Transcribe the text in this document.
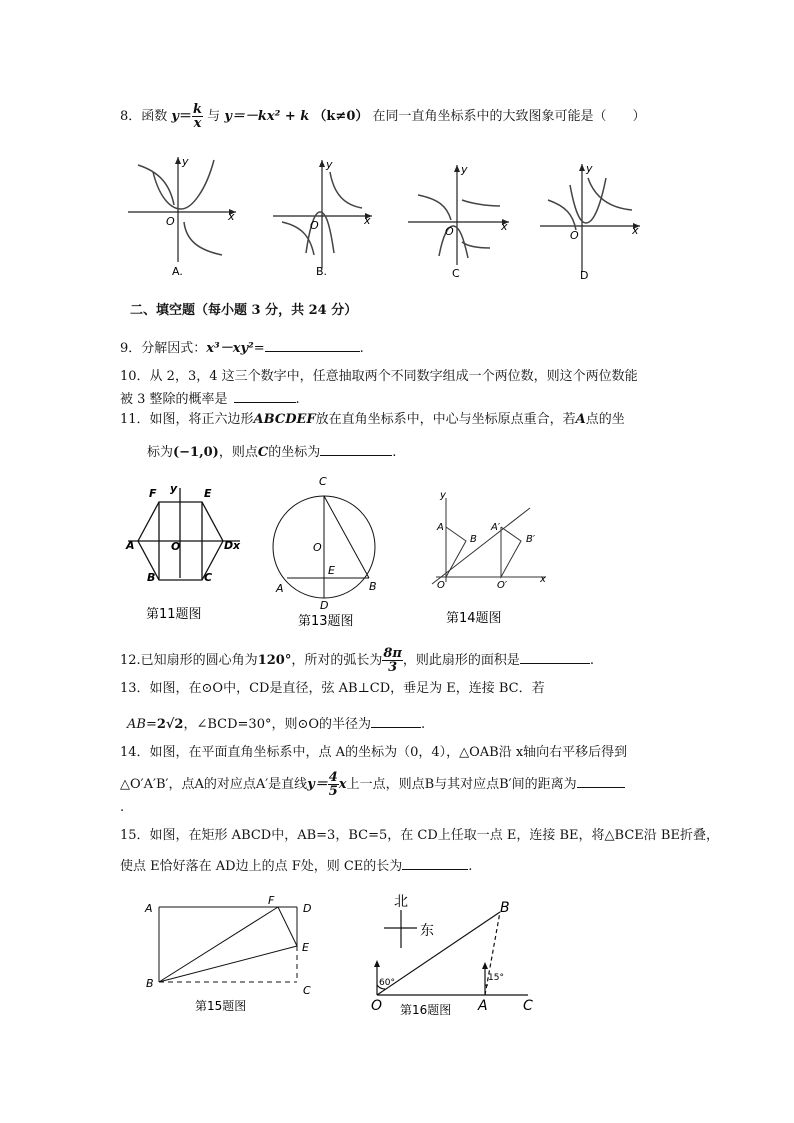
8．函数 $y= \frac{k}{x}$ 与 y＝－kx² + k （k≠0） 在同一直角坐标系中的大致图象可能是（　　）
x
y
O
A.
x
y
O
B.
x
y
O
C
x
y
O
D
二、填空题（每小题 3 分，共 24 分）
9．分解因式：x³－xy²=	.
10．从 2，3，4 这三个数字中，任意抽取两个不同数字组成一个两位数，则这个两位数能
被 3 整除的概率是	.
11．如图，将正六边形ABCDEF放在直角坐标系中，中心与坐标原点重合，若A点的坐
标为(−1,0)，则点C的坐标为	.
F y E
A	O	D x
B	C
第11题图
C
O
E
A	B
D
第13题图
y
A
B
A′
B′
O	O′
x
第14题图
12.已知扇形的圆心角为120°，所对的弧长为 $\frac{8\pi}{3}$ ，则此扇形的面积是	.
13．如图，在⊙O中，CD是直径，弦 AB⊥CD，垂足为 E，连接 BC．若
AB=2√2，∠BCD=30°，则⊙O的半径为	.
14．如图，在平面直角坐标系中，点 A的坐标为（0，4），△OAB沿 x轴向右平移后得到
△O′A′B′，点A的对应点A′是直线$y= \frac{4}{5}$ x上一点，则点B与其对应点B′间的距离为
.
15．如图，在矩形 ABCD中，AB=3，BC=5，在 CD上任取一点 E，连接 BE，将△BCE沿 BE折叠，
使点 E恰好落在 AD边上的点 F处，则 CE的长为	.
A
F
D
E
B
C
第15题图
北
东
B
60°	15°
O	A	C
第16题图
